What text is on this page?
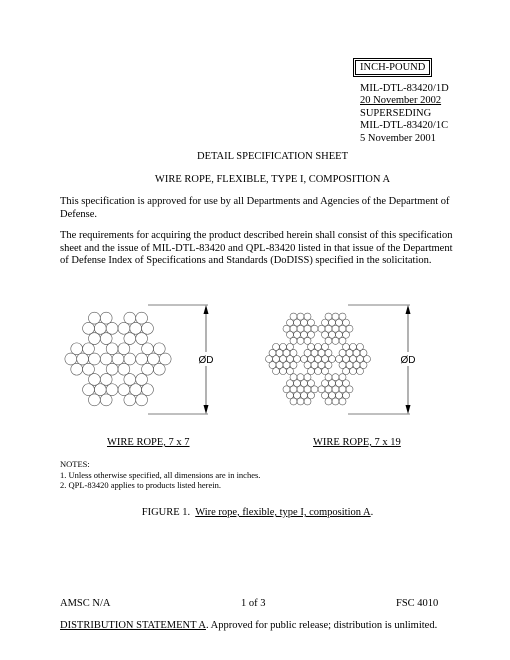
INCH-POUND
MIL-DTL-83420/1D
20 November 2002
SUPERSEDING
MIL-DTL-83420/1C
5 November 2001
DETAIL SPECIFICATION SHEET
WIRE ROPE, FLEXIBLE, TYPE I, COMPOSITION A
This specification is approved for use by all Departments and Agencies of the Department of Defense.
The requirements for acquiring the product described herein shall consist of this specification sheet and the issue of MIL-DTL-83420 and QPL-83420 listed in that issue of the Department of Defense Index of Specifications and Standards (DoDISS) specified in the solicitation.
ØD	ØD
WIRE ROPE, 7 x 7	WIRE ROPE, 7 x 19
NOTES:
1. Unless otherwise specified, all dimensions are in inches.
2. QPL-83420 applies to products listed herein.
FIGURE 1. Wire rope, flexible, type I, composition A.
AMSC N/A	1 of 3	FSC 4010
DISTRIBUTION STATEMENT A. Approved for public release; distribution is unlimited.
